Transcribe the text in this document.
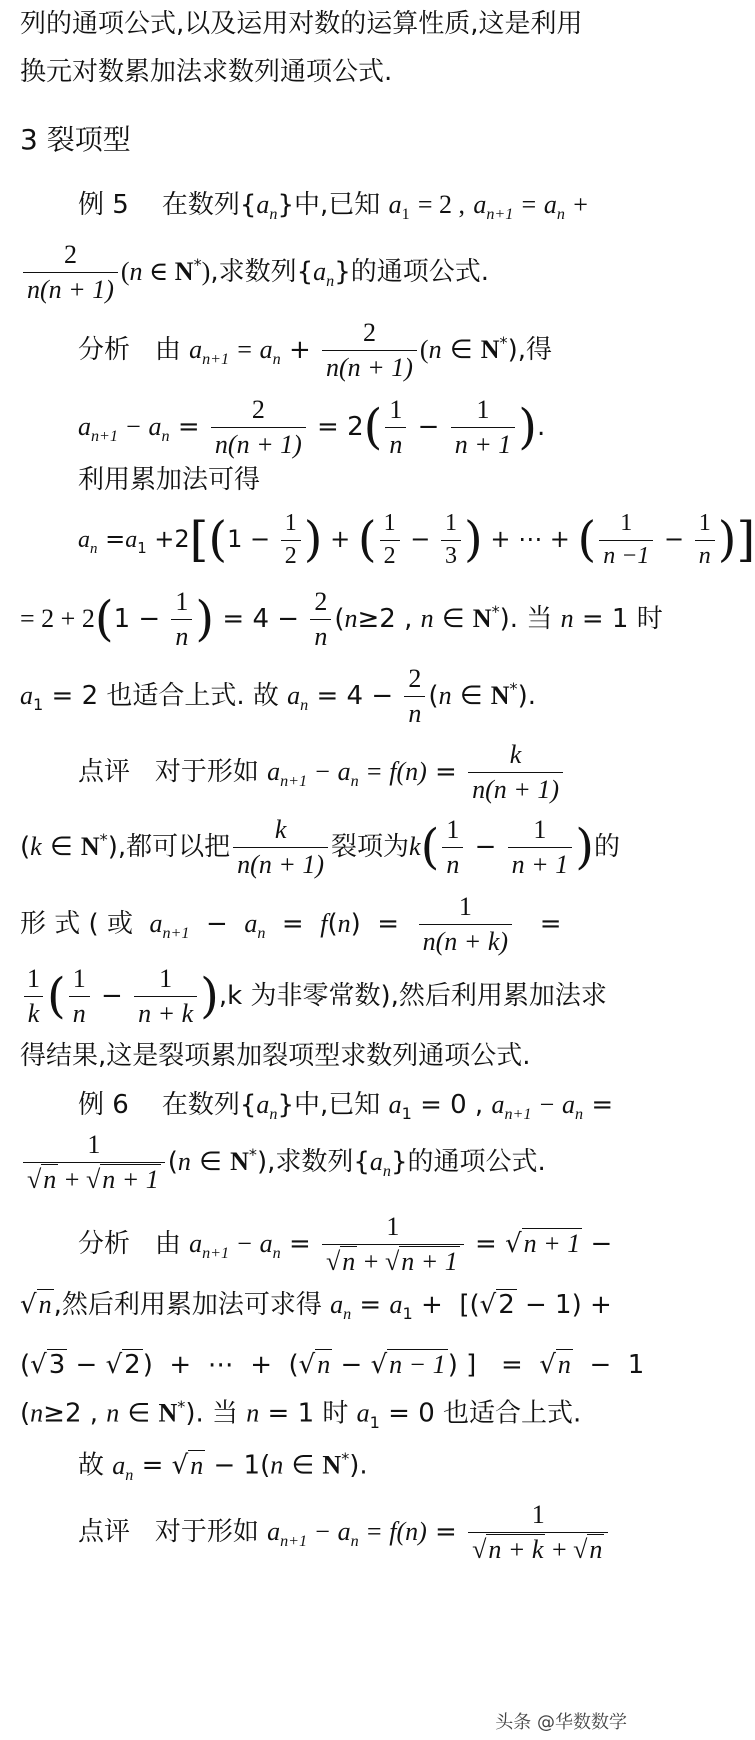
列的通项公式,以及运用对数的运算性质,这是利用
换元对数累加法求数列通项公式.
3 裂项型
例 5 在数列$\{a_n\}$中,已知 $a_1 = 2$ , $a_{n+1} = a_n$ +
$\frac{2}{n(n + 1)} (n$ ∈ N*),求数列$\{a_n\}$的通项公式.
分析 由 $a_{n+1} = a_n + \frac{2}{n(n + 1)} (n$ ∈ N*),得
$a_{n+1} - a_n = \frac{2}{n(n + 1)} = 2( \frac{1}{n} - \frac{1}{n + 1}$ ).
利用累加法可得
$a_n =a_1 +2[(1 - \frac{1}{2}$ ) + ( $\frac{1}{2} - \frac{1}{3}$ ) + ⋯ + ( $\frac{1}{n -1} - \frac{1}{n}$ )]
= $2 + 2(1 - \frac{1}{n}$ ) = $4 - \frac{2}{n} (n\ge 2$ , n ∈ N*). 当 n = 1 时
$a_1 = 2$ 也适合上式. 故 $a_n = 4 - \frac{2}{n} (n$ ∈ N*).
点评 对于形如 $a_{n+1} - a_n = f(n) = \frac{k}{n(n + 1)}$
(k ∈ N*),都可以把 $\frac{k}{n(n + 1)}$ 裂项为$k( \frac{1}{n} - \frac{1}{n + 1}$ )的
形 式 ( 或 $a_{n+1} - a_n = f(n) = \frac{1}{n(n + k)}$ =
$\frac{1}{k}$ ( $\frac{1}{n} - \frac{1}{n + k} ),k$ 为非零常数),然后利用累加法求
得结果,这是裂项累加裂项型求数列通项公式.
例 6 在数列$\{a_n\}$中,已知 $a_1 = 0$ , $a_{n+1} - a_n$ =
$\frac{1}{√n + √n + 1} (n$ ∈ N*),求数列$\{a_n\}$的通项公式.
分析 由 $a_{n+1} - a_n = \frac{1}{√n + √n + 1} = √n + 1$ −
√n,然后利用累加法可求得 $a_n = a_1 + [(√2 - 1)$ +
(√3 − √2)  +  ⋯  +  (√n − √n − 1) ]   =  √n  −  1
(n≥2 , n ∈ N*). 当 n = 1 时 $a_1 = 0$ 也适合上式.
故 $a_n = √n - 1(n$ ∈ N*).
点评 对于形如 $a_{n+1} - a_n = f(n) = \frac{1}{√n + k + √n}$
头条 @华数数学
